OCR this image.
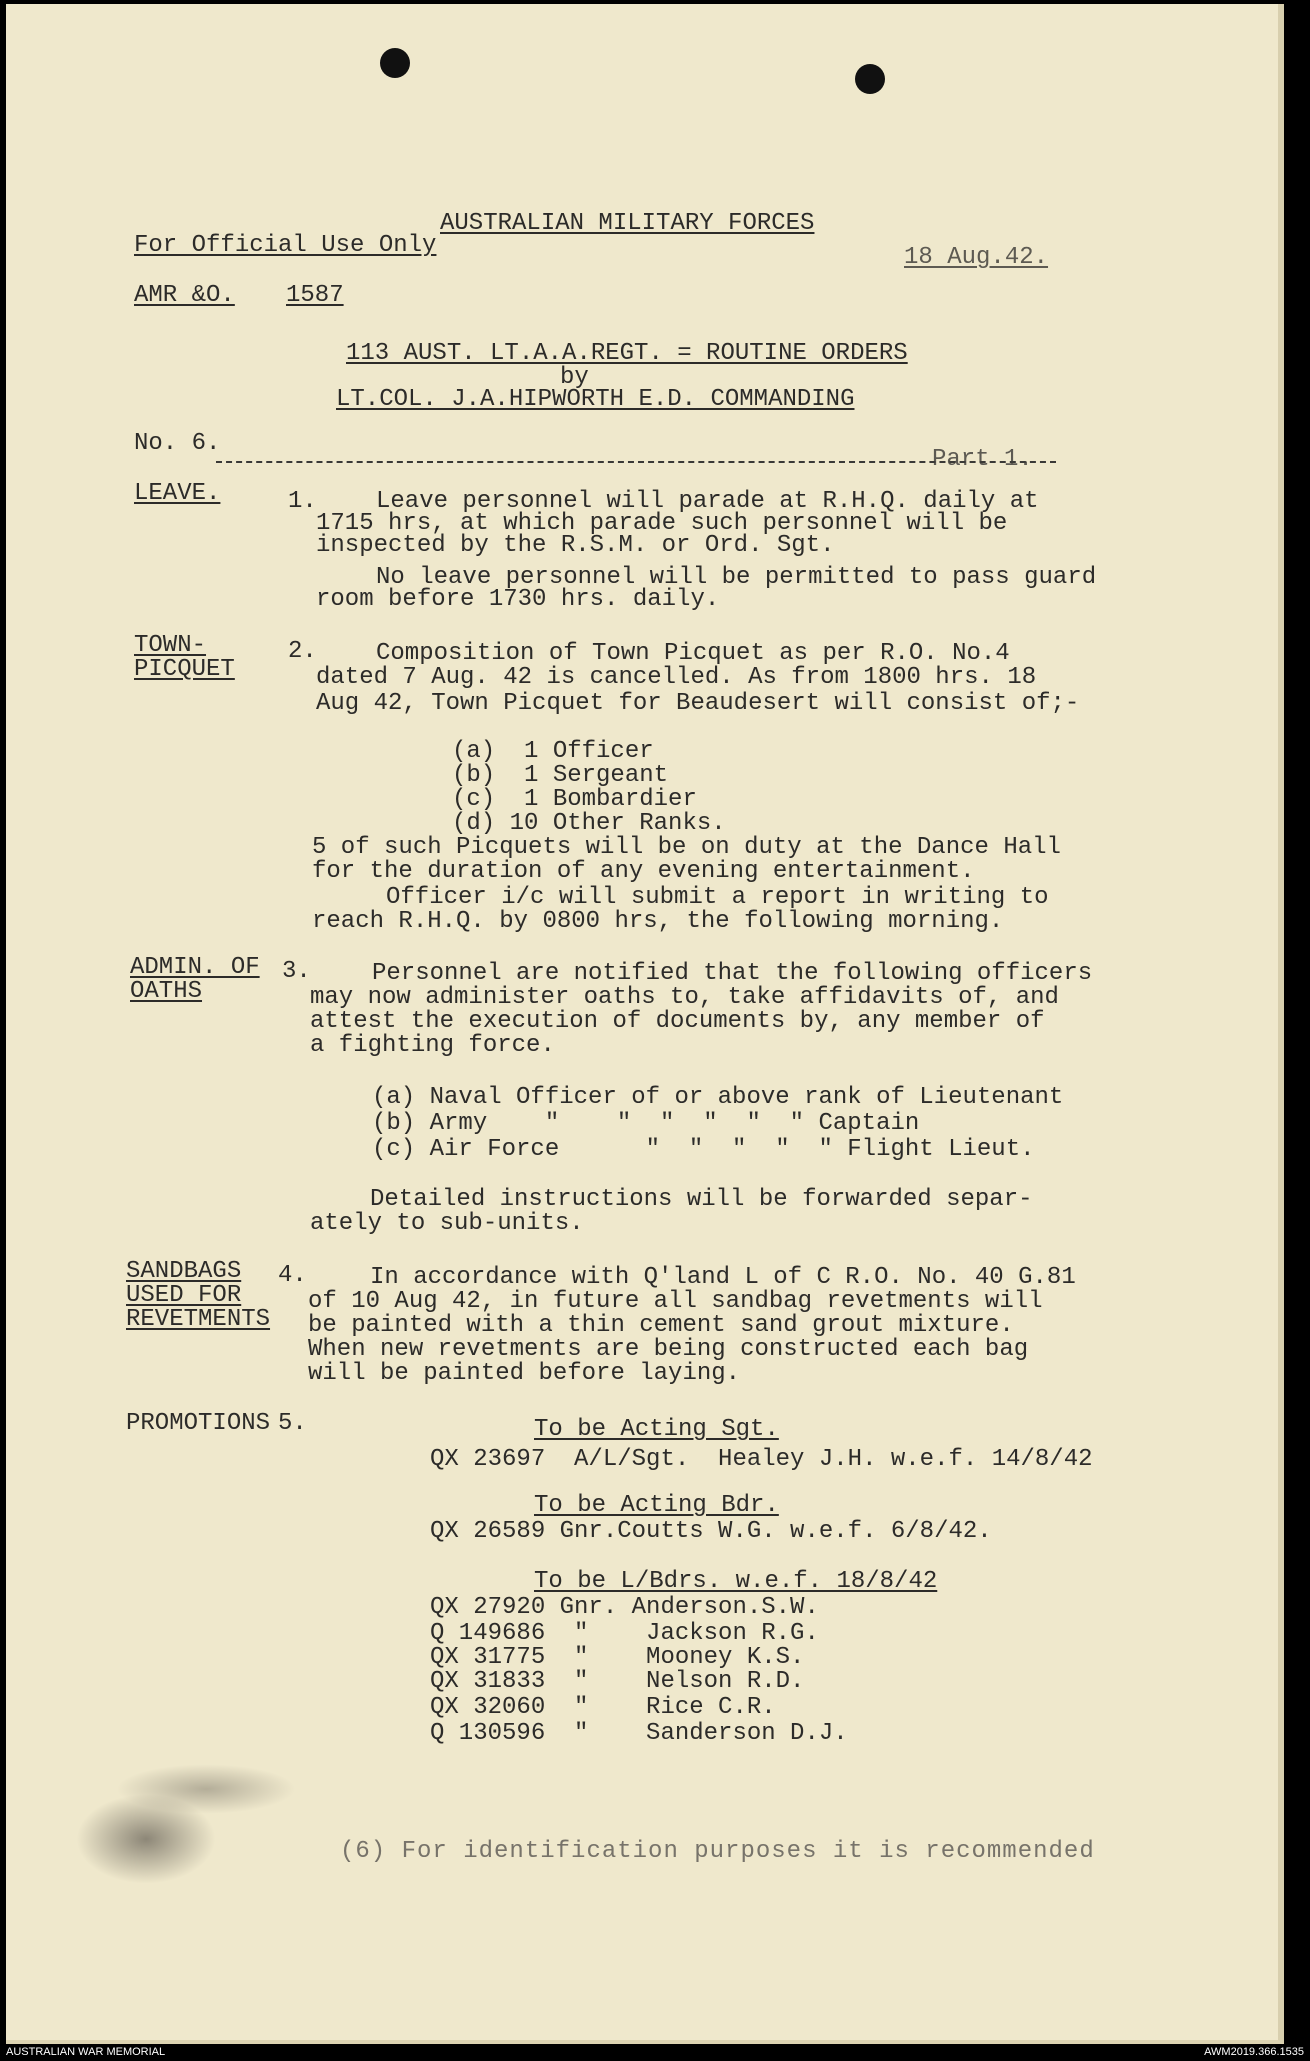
AUSTRALIAN MILITARY FORCES
For Official Use Only	18 Aug.42.
AMR &O. 1587
113 AUST. LT.A.A.REGT. = ROUTINE ORDERS
by
LT.COL. J.A.HIPWORTH E.D. COMMANDING
No. 6.
Part 1.
LEAVE.	1. Leave personnel will parade at R.H.Q. daily at
1715 hrs, at which parade such personnel will be
inspected by the R.S.M. or Ord. Sgt.
No leave personnel will be permitted to pass guard
room before 1730 hrs. daily.
TOWN-
PICQUET
2. Composition of Town Picquet as per R.O. No.4
dated 7 Aug. 42 is cancelled. As from 1800 hrs. 18
Aug 42, Town Picquet for Beaudesert will consist of;-
(a)  1 Officer
(b)  1 Sergeant
(c)  1 Bombardier
(d) 10 Other Ranks.
5 of such Picquets will be on duty at the Dance Hall
for the duration of any evening entertainment.
Officer i/c will submit a report in writing to
reach R.H.Q. by 0800 hrs, the following morning.
ADMIN. OF
OATHS
3.	Personnel are notified that the following officers
may now administer oaths to, take affidavits of, and
attest the execution of documents by, any member of
a fighting force.
(a) Naval Officer of or above rank of Lieutenant
(b) Army    "    "  "  "  "  " Captain
(c) Air Force      "  "  "  "  " Flight Lieut.
Detailed instructions will be forwarded separ-
ately to sub-units.
SANDBAGS
USED FOR
REVETMENTS
4.	In accordance with Q'land L of C R.O. No. 40 G.81
of 10 Aug 42, in future all sandbag revetments will
be painted with a thin cement sand grout mixture.
When new revetments are being constructed each bag
will be painted before laying.
PROMOTIONS 5.	To be Acting Sgt.
QX 23697  A/L/Sgt.  Healey J.H. w.e.f. 14/8/42
To be Acting Bdr.
QX 26589 Gnr.Coutts W.G. w.e.f. 6/8/42.
To be L/Bdrs. w.e.f. 18/8/42
QX 27920 Gnr. Anderson.S.W.
Q 149686  "    Jackson R.G.
QX 31775  "    Mooney K.S.
QX 31833  "    Nelson R.D.
QX 32060  "    Rice C.R.
Q 130596  "    Sanderson D.J.
(6) For identification purposes it is recommended
AUSTRALIAN WAR MEMORIAL	AWM2019.366.1535
